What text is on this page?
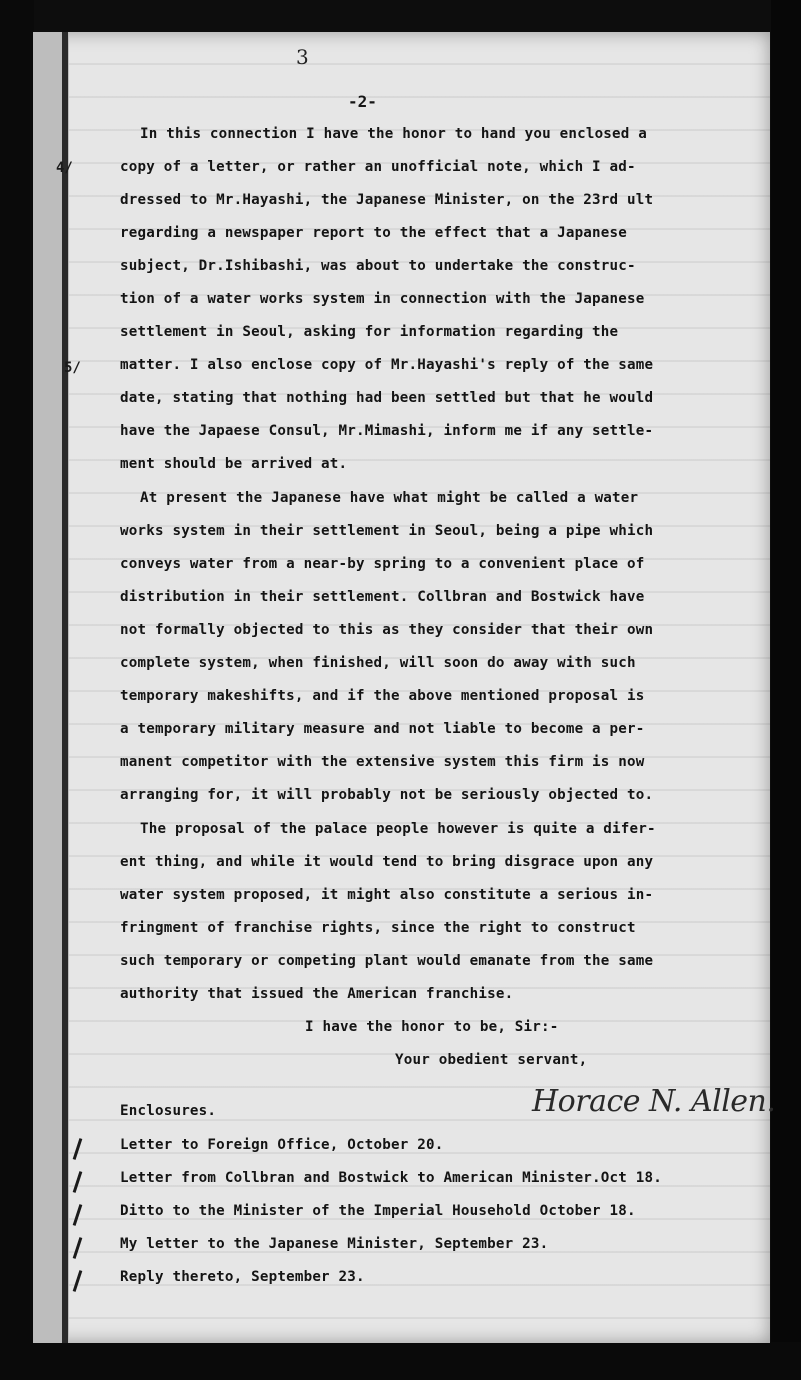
3
-2-
4/
5/
In this connection I have the honor to hand you enclosed a
copy of a letter, or rather an unofficial note, which I ad-
dressed to Mr.Hayashi, the Japanese Minister, on the 23rd ult
regarding a newspaper report to the effect that a Japanese
subject, Dr.Ishibashi, was about to undertake the construc-
tion of a water works system in connection with the Japanese
settlement in Seoul, asking for information regarding the
matter. I also enclose copy of Mr.Hayashi's reply of the same
date, stating that nothing had been settled but that he would
have the Japaese Consul, Mr.Mimashi, inform me if any settle-
ment should be arrived at.
At present the Japanese have what might be called a water
works system in their settlement in Seoul, being a pipe which
conveys water from a near-by spring to a convenient place of
distribution in their settlement. Collbran and Bostwick have
not formally objected to this as they consider that their own
complete system, when finished, will soon do away with such
temporary makeshifts, and if the above mentioned proposal is
a temporary military measure and not liable to become a per-
manent competitor with the extensive system this firm is now
arranging for, it will probably not be seriously objected to.
The proposal of the palace people however is quite a difer-
ent thing, and while it would tend to bring disgrace upon any
water system proposed, it might also constitute a serious in-
fringment of franchise rights, since the right to construct
such temporary or competing plant would emanate from the same
authority that issued the American franchise.
I have the honor to be, Sir:-
Your obedient servant,
Enclosures.
Letter to Foreign Office, October 20.
Letter from Collbran and Bostwick to American Minister.Oct 18.
Ditto to the Minister of the Imperial Household October 18.
My letter to the Japanese Minister, September 23.
Reply thereto, September 23.
Horace N. Allen.
